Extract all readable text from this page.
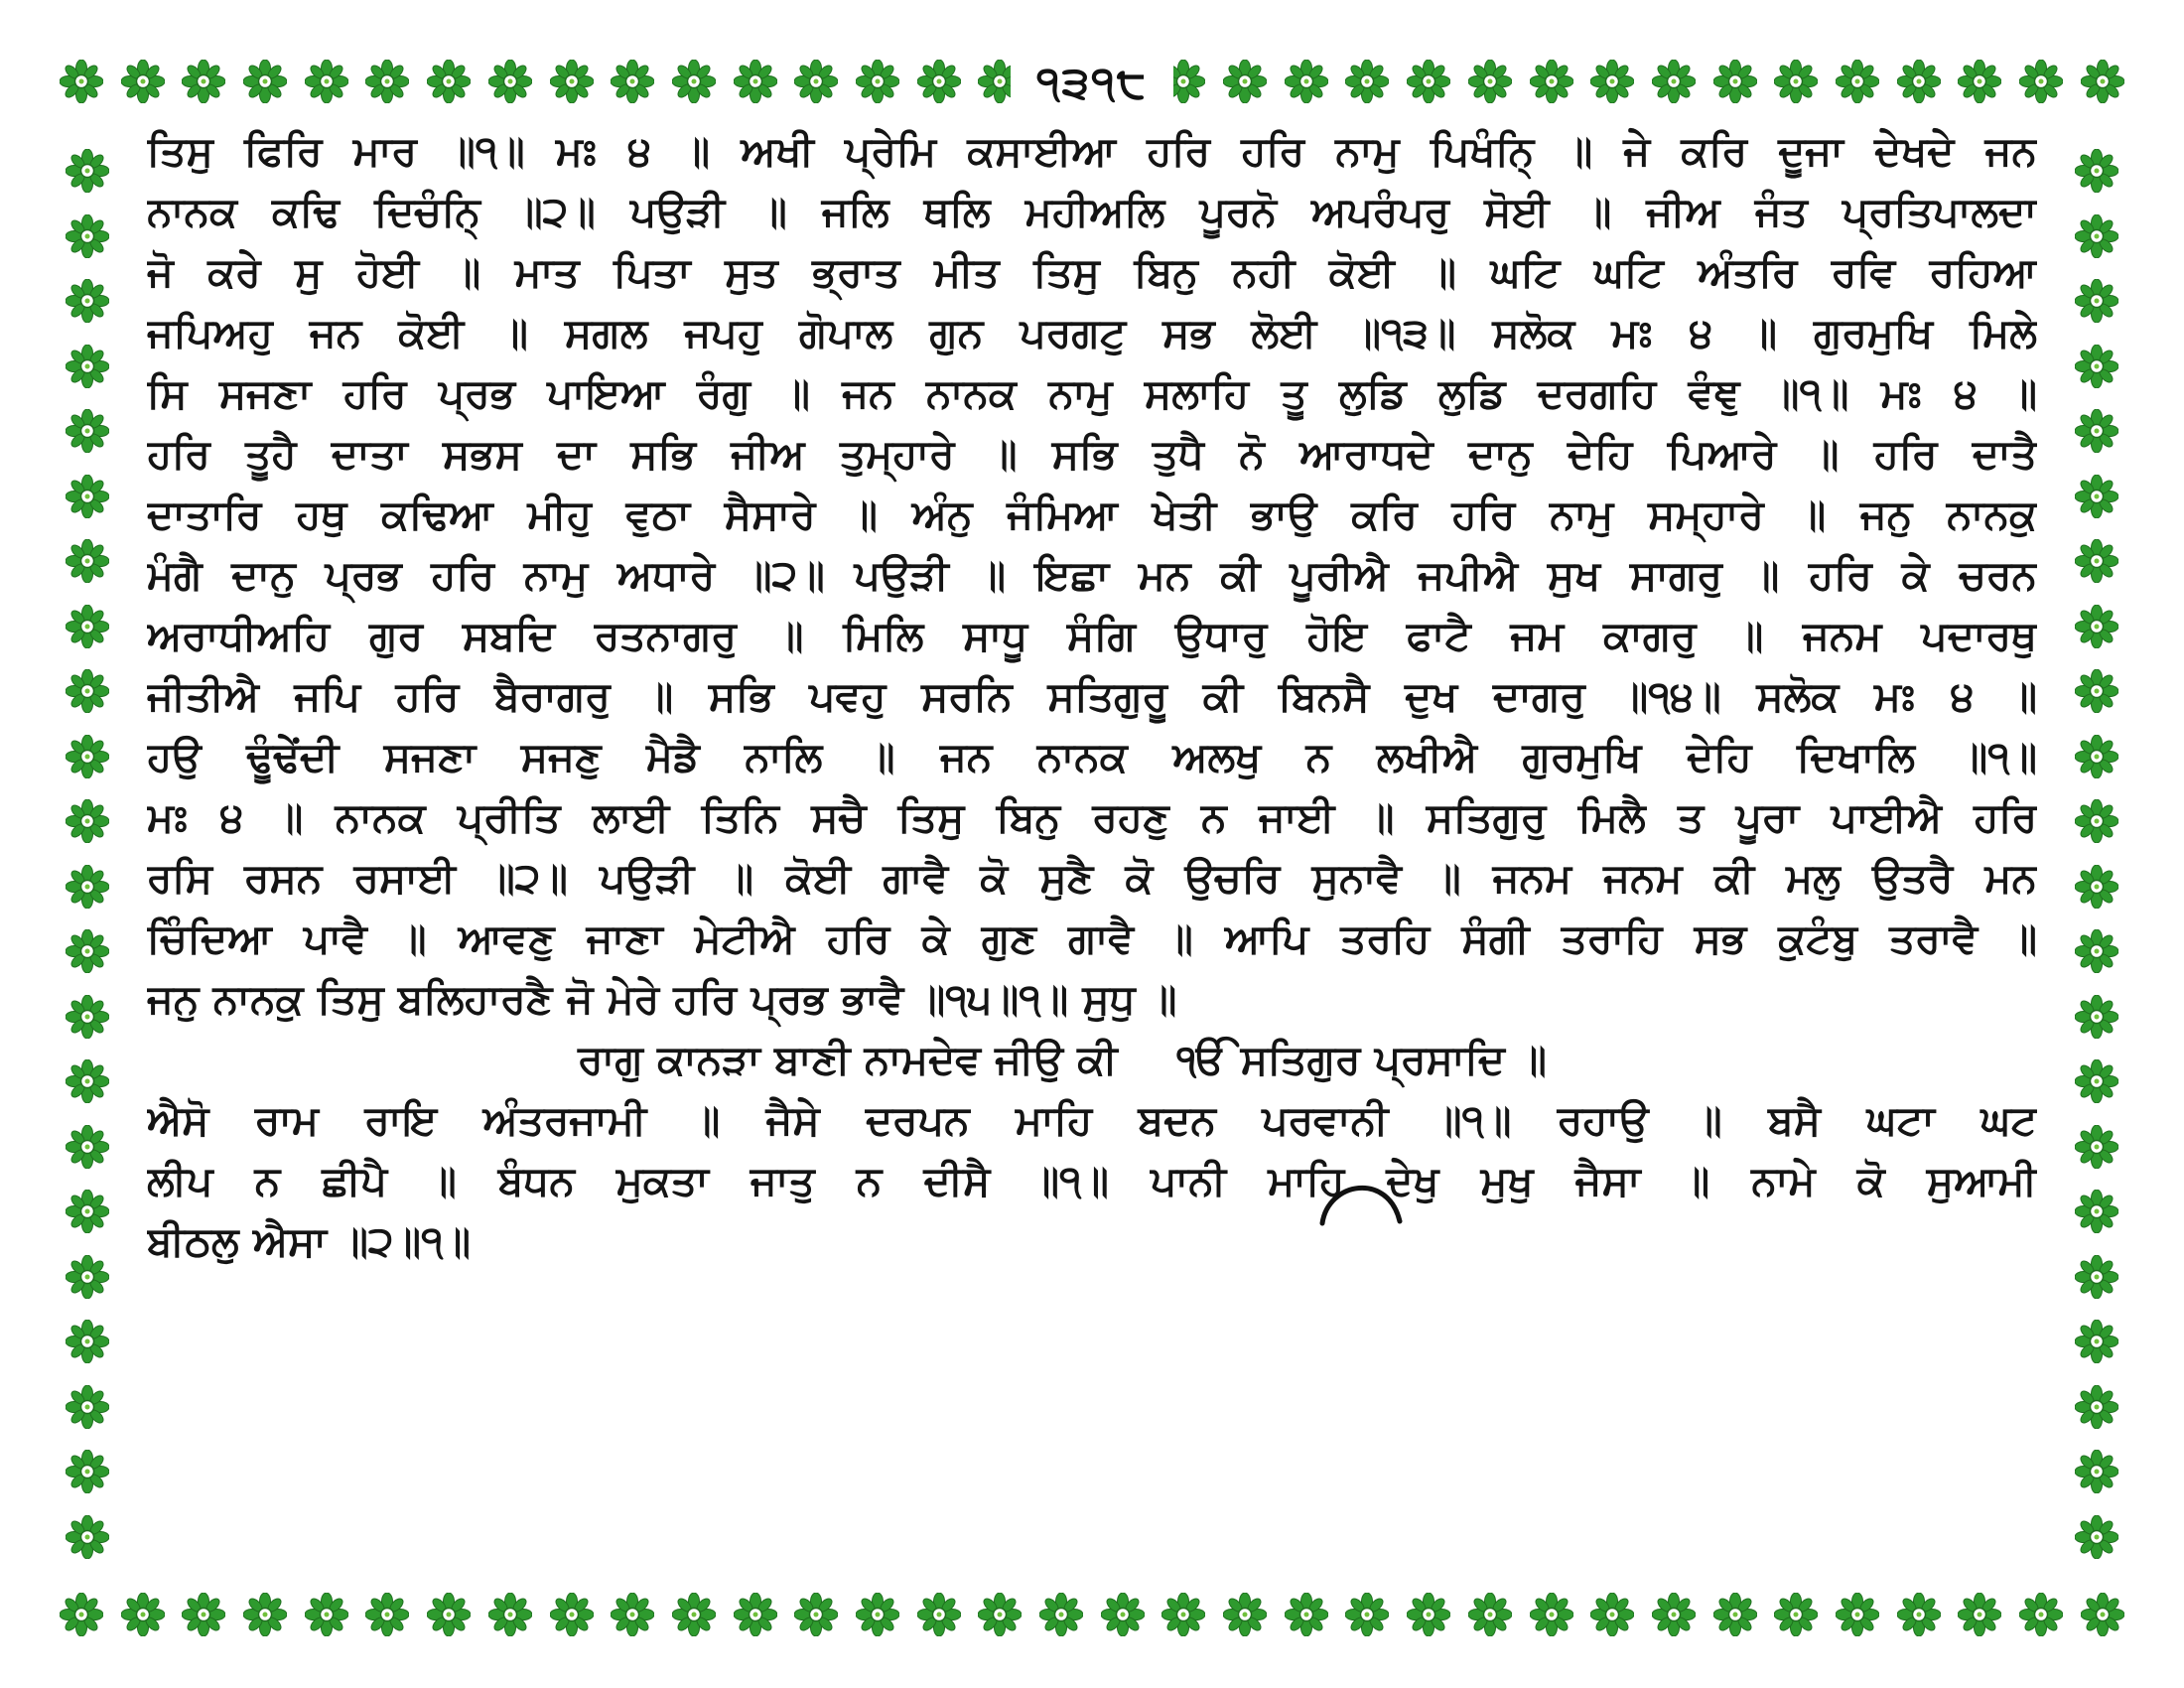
੧੩੧੮
ਤਿਸੁ ਫਿਰਿ ਮਾਰ ॥੧॥ ਮਃ ੪ ॥ ਅਖੀ ਪ੍ਰੇਮਿ ਕਸਾਈਆ ਹਰਿ ਹਰਿ ਨਾਮੁ ਪਿਖੰਨਿ੍ ॥ ਜੇ ਕਰਿ ਦੂਜਾ ਦੇਖਦੇ ਜਨ
ਨਾਨਕ ਕਢਿ ਦਿਚੰਨਿ੍ ॥੨॥ ਪਉੜੀ ॥ ਜਲਿ ਥਲਿ ਮਹੀਅਲਿ ਪੂਰਨੋ ਅਪਰੰਪਰੁ ਸੋਈ ॥ ਜੀਅ ਜੰਤ ਪ੍ਰਤਿਪਾਲਦਾ
ਜੋ ਕਰੇ ਸੁ ਹੋਈ ॥ ਮਾਤ ਪਿਤਾ ਸੁਤ ਭ੍ਰਾਤ ਮੀਤ ਤਿਸੁ ਬਿਨੁ ਨਹੀ ਕੋਈ ॥ ਘਟਿ ਘਟਿ ਅੰਤਰਿ ਰਵਿ ਰਹਿਆ
ਜਪਿਅਹੁ ਜਨ ਕੋਈ ॥ ਸਗਲ ਜਪਹੁ ਗੋਪਾਲ ਗੁਨ ਪਰਗਟੁ ਸਭ ਲੋਈ ॥੧੩॥ ਸਲੋਕ ਮਃ ੪ ॥ ਗੁਰਮੁਖਿ ਮਿਲੇ
ਸਿ ਸਜਣਾ ਹਰਿ ਪ੍ਰਭ ਪਾਇਆ ਰੰਗੁ ॥ ਜਨ ਨਾਨਕ ਨਾਮੁ ਸਲਾਹਿ ਤੂ ਲੁਡਿ ਲੁਡਿ ਦਰਗਹਿ ਵੰਞੁ ॥੧॥ ਮਃ ੪ ॥
ਹਰਿ ਤੂਹੈ ਦਾਤਾ ਸਭਸ ਦਾ ਸਭਿ ਜੀਅ ਤੁਮ੍ਹਾਰੇ ॥ ਸਭਿ ਤੁਧੈ ਨੋ ਆਰਾਧਦੇ ਦਾਨੁ ਦੇਹਿ ਪਿਆਰੇ ॥ ਹਰਿ ਦਾਤੈ
ਦਾਤਾਰਿ ਹਥੁ ਕਢਿਆ ਮੀਹੁ ਵੁਠਾ ਸੈਸਾਰੇ ॥ ਅੰਨੁ ਜੰਮਿਆ ਖੇਤੀ ਭਾਉ ਕਰਿ ਹਰਿ ਨਾਮੁ ਸਮ੍ਹਾਰੇ ॥ ਜਨੁ ਨਾਨਕੁ
ਮੰਗੈ ਦਾਨੁ ਪ੍ਰਭ ਹਰਿ ਨਾਮੁ ਅਧਾਰੇ ॥੨॥ ਪਉੜੀ ॥ ਇਛਾ ਮਨ ਕੀ ਪੂਰੀਐ ਜਪੀਐ ਸੁਖ ਸਾਗਰੁ ॥ ਹਰਿ ਕੇ ਚਰਨ
ਅਰਾਧੀਅਹਿ ਗੁਰ ਸਬਦਿ ਰਤਨਾਗਰੁ ॥ ਮਿਲਿ ਸਾਧੂ ਸੰਗਿ ਉਧਾਰੁ ਹੋਇ ਫਾਟੈ ਜਮ ਕਾਗਰੁ ॥ ਜਨਮ ਪਦਾਰਥੁ
ਜੀਤੀਐ ਜਪਿ ਹਰਿ ਬੈਰਾਗਰੁ ॥ ਸਭਿ ਪਵਹੁ ਸਰਨਿ ਸਤਿਗੁਰੂ ਕੀ ਬਿਨਸੈ ਦੁਖ ਦਾਗਰੁ ॥੧੪॥ ਸਲੋਕ ਮਃ ੪ ॥
ਹਉ ਢੂੰਢੇਂਦੀ ਸਜਣਾ ਸਜਣੁ ਮੈਡੈ ਨਾਲਿ ॥ ਜਨ ਨਾਨਕ ਅਲਖੁ ਨ ਲਖੀਐ ਗੁਰਮੁਖਿ ਦੇਹਿ ਦਿਖਾਲਿ ॥੧॥
ਮਃ ੪ ॥ ਨਾਨਕ ਪ੍ਰੀਤਿ ਲਾਈ ਤਿਨਿ ਸਚੈ ਤਿਸੁ ਬਿਨੁ ਰਹਣੁ ਨ ਜਾਈ ॥ ਸਤਿਗੁਰੁ ਮਿਲੈ ਤ ਪੂਰਾ ਪਾਈਐ ਹਰਿ
ਰਸਿ ਰਸਨ ਰਸਾਈ ॥੨॥ ਪਉੜੀ ॥ ਕੋਈ ਗਾਵੈ ਕੋ ਸੁਣੈ ਕੋ ਉਚਰਿ ਸੁਨਾਵੈ ॥ ਜਨਮ ਜਨਮ ਕੀ ਮਲੁ ਉਤਰੈ ਮਨ
ਚਿੰਦਿਆ ਪਾਵੈ ॥ ਆਵਣੁ ਜਾਣਾ ਮੇਟੀਐ ਹਰਿ ਕੇ ਗੁਣ ਗਾਵੈ ॥ ਆਪਿ ਤਰਹਿ ਸੰਗੀ ਤਰਾਹਿ ਸਭ ਕੁਟੰਬੁ ਤਰਾਵੈ ॥
ਜਨੁ ਨਾਨਕੁ ਤਿਸੁ ਬਲਿਹਾਰਣੈ ਜੋ ਮੇਰੇ ਹਰਿ ਪ੍ਰਭ ਭਾਵੈ ॥੧੫॥੧॥ ਸੁਧੁ ॥
ਰਾਗੁ ਕਾਨੜਾ ਬਾਣੀ ਨਾਮਦੇਵ ਜੀਉ ਕੀ ੴ ਸਤਿਗੁਰ ਪ੍ਰਸਾਦਿ ॥
ਐਸੋ ਰਾਮ ਰਾਇ ਅੰਤਰਜਾਮੀ ॥ ਜੈਸੇ ਦਰਪਨ ਮਾਹਿ ਬਦਨ ਪਰਵਾਨੀ ॥੧॥ ਰਹਾਉ ॥ ਬਸੈ ਘਟਾ ਘਟ
ਲੀਪ ਨ ਛੀਪੈ ॥ ਬੰਧਨ ਮੁਕਤਾ ਜਾਤੁ ਨ ਦੀਸੈ ॥੧॥ ਪਾਨੀ ਮਾਹਿ ਦੇਖੁ ਮੁਖੁ ਜੈਸਾ ॥ ਨਾਮੇ ਕੋ ਸੁਆਮੀ
ਬੀਠਲੁ ਐਸਾ ॥੨॥੧॥
